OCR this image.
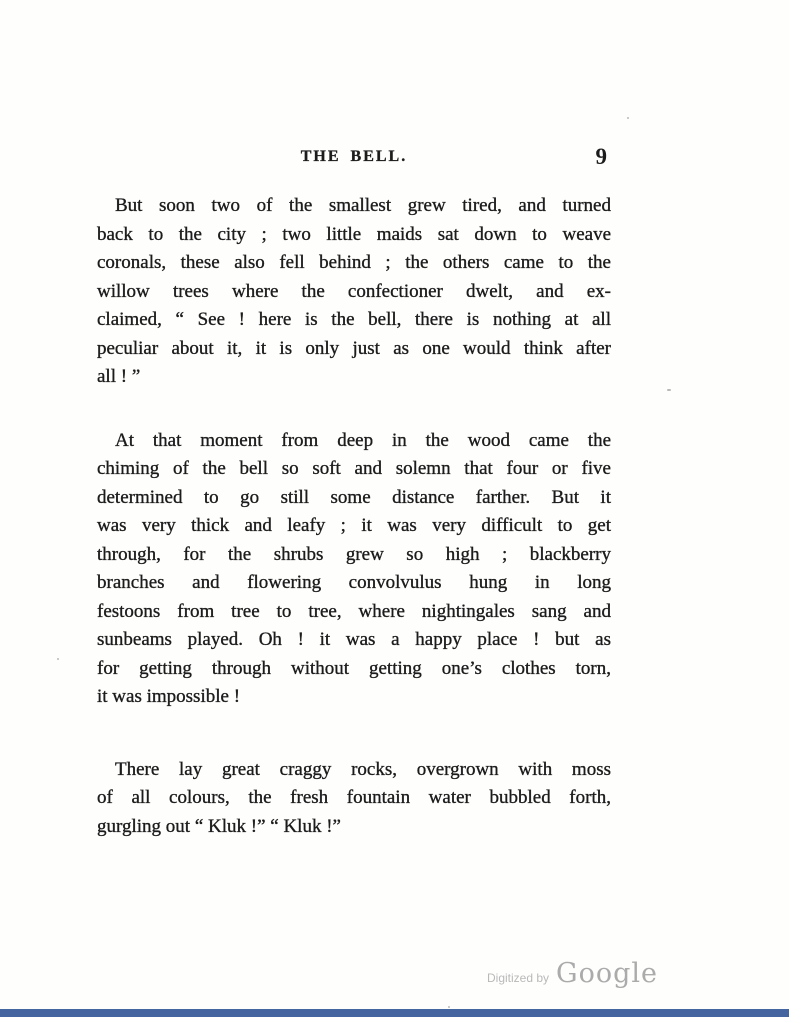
THE BELL.	9
But soon two of the smallest grew tired, and turned
back to the city ; two little maids sat down to weave
coronals, these also fell behind ; the others came to the
willow trees where the confectioner dwelt, and ex-
claimed, “ See ! here is the bell, there is nothing at all
peculiar about it, it is only just as one would think after
all ! ”
At that moment from deep in the wood came the
chiming of the bell so soft and solemn that four or five
determined to go still some distance farther. But it
was very thick and leafy ; it was very difficult to get
through, for the shrubs grew so high ; blackberry
branches and flowering convolvulus hung in long
festoons from tree to tree, where nightingales sang and
sunbeams played. Oh ! it was a happy place ! but as
for getting through without getting one’s clothes torn,
it was impossible !
There lay great craggy rocks, overgrown with moss
of all colours, the fresh fountain water bubbled forth,
gurgling out “ Kluk !” “ Kluk !”
Digitized by Google
